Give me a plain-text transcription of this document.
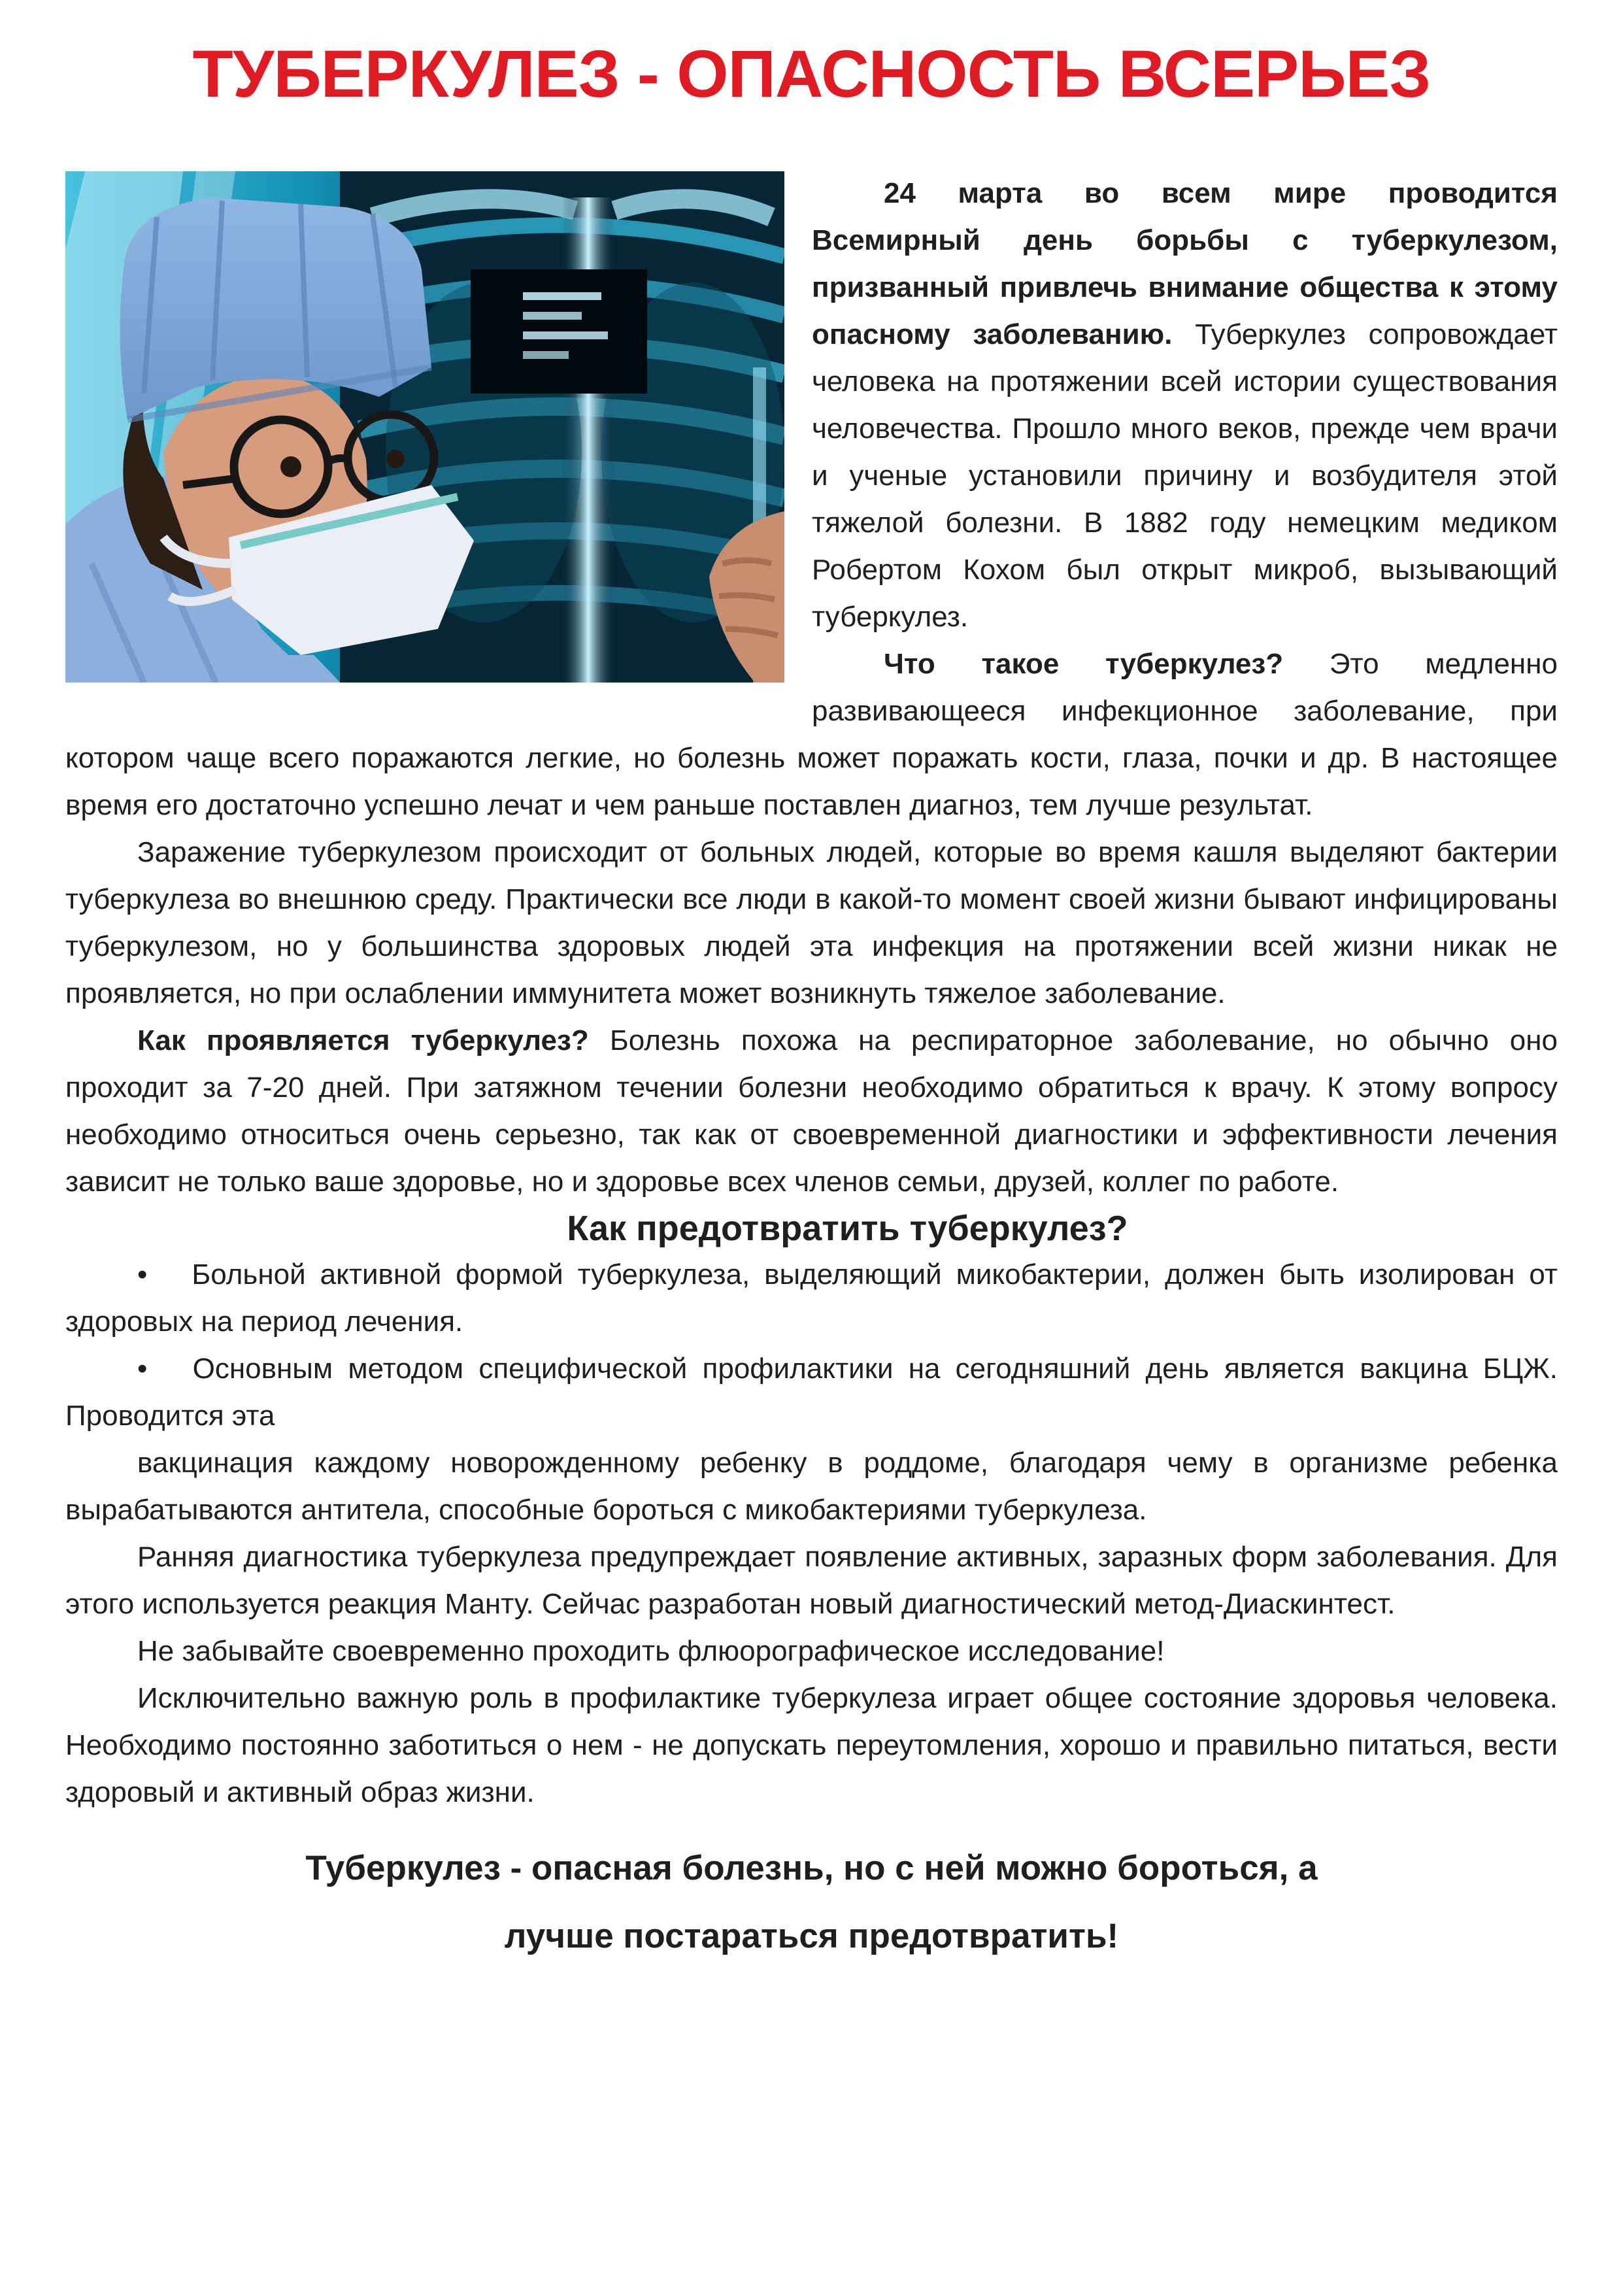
ТУБЕРКУЛЕЗ - ОПАСНОСТЬ ВСЕРЬЕЗ

24 марта во всем мире проводится Всемирный день борьбы с туберкулезом, призванный привлечь внимание общества к этому опасному заболеванию. Туберкулез сопровождает человека на протяжении всей истории существования человечества. Прошло много веков, прежде чем врачи и ученые установили причину и возбудителя этой тяжелой болезни. В 1882 году немецким медиком Робертом Кохом был открыт микроб, вызывающий туберкулез.

Что такое туберкулез? Это медленно развивающееся инфекционное заболевание, при котором чаще всего поражаются легкие, но болезнь может поражать кости, глаза, почки и др. В настоящее время его достаточно успешно лечат и чем раньше поставлен диагноз, тем лучше результат.

Заражение туберкулезом происходит от больных людей, которые во время кашля выделяют бактерии туберкулеза во внешнюю среду. Практически все люди в какой-то момент своей жизни бывают инфицированы туберкулезом, но у большинства здоровых людей эта инфекция на протяжении всей жизни никак не проявляется, но при ослаблении иммунитета может возникнуть тяжелое заболевание.

Как проявляется туберкулез? Болезнь похожа на респираторное заболевание, но обычно оно проходит за 7-20 дней. При затяжном течении болезни необходимо обратиться к врачу. К этому вопросу необходимо относиться очень серьезно, так как от своевременной диагностики и эффективности лечения зависит не только ваше здоровье, но и здоровье всех членов семьи, друзей, коллег по работе.

Как предотвратить туберкулез?

• Больной активной формой туберкулеза, выделяющий микобактерии, должен быть изолирован от здоровых на период лечения.

• Основным методом специфической профилактики на сегодняшний день является вакцина БЦЖ. Проводится эта

вакцинация каждому новорожденному ребенку в роддоме, благодаря чему в организме ребенка вырабатываются антитела, способные бороться с микобактериями туберкулеза.

Ранняя диагностика туберкулеза предупреждает появление активных, заразных форм заболевания. Для этого используется реакция Манту. Сейчас разработан новый диагностический метод-Диаскинтест.

Не забывайте своевременно проходить флюорографическое исследование!

Исключительно важную роль в профилактике туберкулеза играет общее состояние здоровья человека. Необходимо постоянно заботиться о нем - не допускать переутомления, хорошо и правильно питаться, вести здоровый и активный образ жизни.

Туберкулез - опасная болезнь, но с ней можно бороться, а
лучше постараться предотвратить!
